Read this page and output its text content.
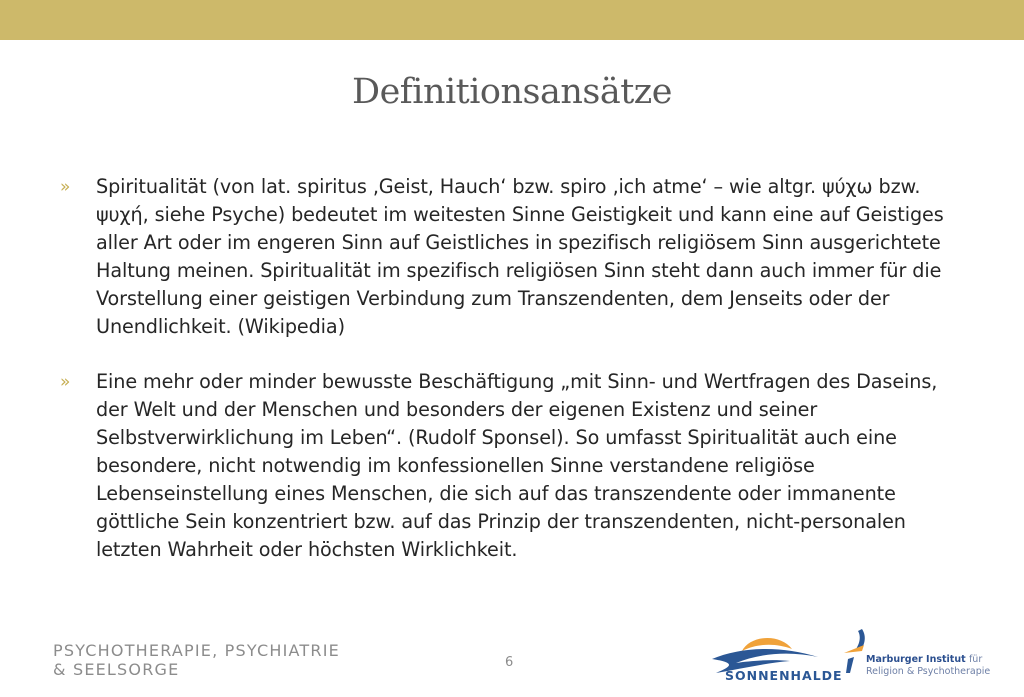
Definitionsansätze
»	Spiritualität (von lat. spiritus ‚Geist, Hauch‘ bzw. spiro ‚ich atme‘ – wie altgr. ψύχω bzw. ψυχή, siehe Psyche) bedeutet im weitesten Sinne Geistigkeit und kann eine auf Geistiges aller Art oder im engeren Sinn auf Geistliches in spezifisch religiösem Sinn ausgerichtete Haltung meinen. Spiritualität im spezifisch religiösen Sinn steht dann auch immer für die Vorstellung einer geistigen Verbindung zum Transzendenten, dem Jenseits oder der Unendlichkeit. (Wikipedia)
»	Eine mehr oder minder bewusste Beschäftigung „mit Sinn- und Wertfragen des Daseins, der Welt und der Menschen und besonders der eigenen Existenz und seiner Selbstverwirklichung im Leben“. (Rudolf Sponsel). So umfasst Spiritualität auch eine besondere, nicht notwendig im konfessionellen Sinne verstandene religiöse Lebenseinstellung eines Menschen, die sich auf das transzendente oder immanente göttliche Sein konzentriert bzw. auf das Prinzip der transzendenten, nicht-personalen letzten Wahrheit oder höchsten Wirklichkeit.
PSYCHOTHERAPIE, PSYCHIATRIE
& SEELSORGE	6
SONNENHALDE
Marburger Institut für
Religion & Psychotherapie
